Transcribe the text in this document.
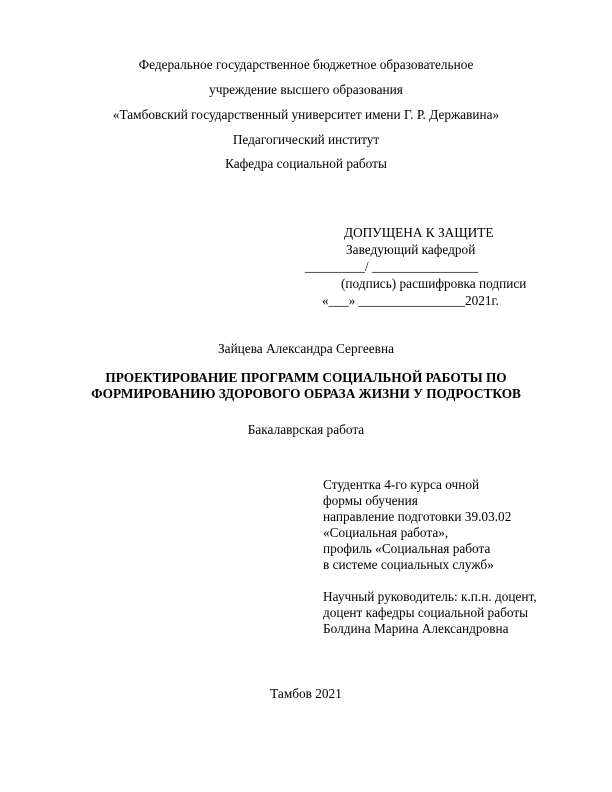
Федеральное государственное бюджетное образовательное
учреждение высшего образования
«Тамбовский государственный университет имени Г. Р. Державина»
Педагогический институт
Кафедра социальной работы
ДОПУЩЕНА К ЗАЩИТЕ
Заведующий кафедрой
_________/ ________________
(подпись) расшифровка подписи
«___» ________________2021г.
Зайцева Александра Сергеевна
ПРОЕКТИРОВАНИЕ ПРОГРАММ СОЦИАЛЬНОЙ РАБОТЫ ПО
ФОРМИРОВАНИЮ ЗДОРОВОГО ОБРАЗА ЖИЗНИ У ПОДРОСТКОВ
Бакалаврская работа
Студентка 4-го курса очной
формы обучения
направление подготовки 39.03.02
«Социальная работа»,
профиль «Социальная работа
в системе социальных служб»
Научный руководитель: к.п.н. доцент,
доцент кафедры социальной работы
Болдина Марина Александровна
Тамбов 2021
